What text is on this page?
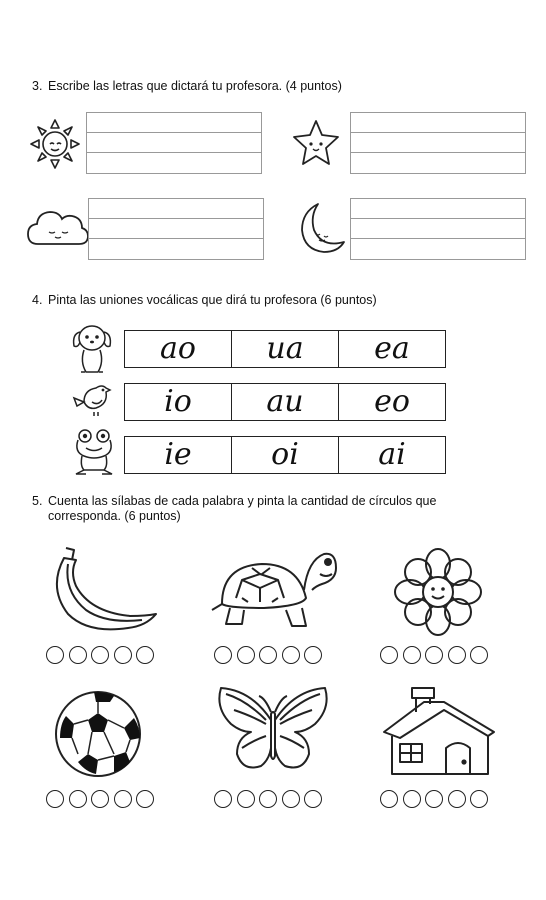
3. Escribe las letras que dictará tu profesora. (4 puntos)
4. Pinta las uniones vocálicas que dirá tu profesora (6 puntos)
ao	ua	ea
io	au	eo
ie	oi	ai
5. Cuenta las sílabas de cada palabra y pinta la cantidad de círculos que
corresponda. (6 puntos)
